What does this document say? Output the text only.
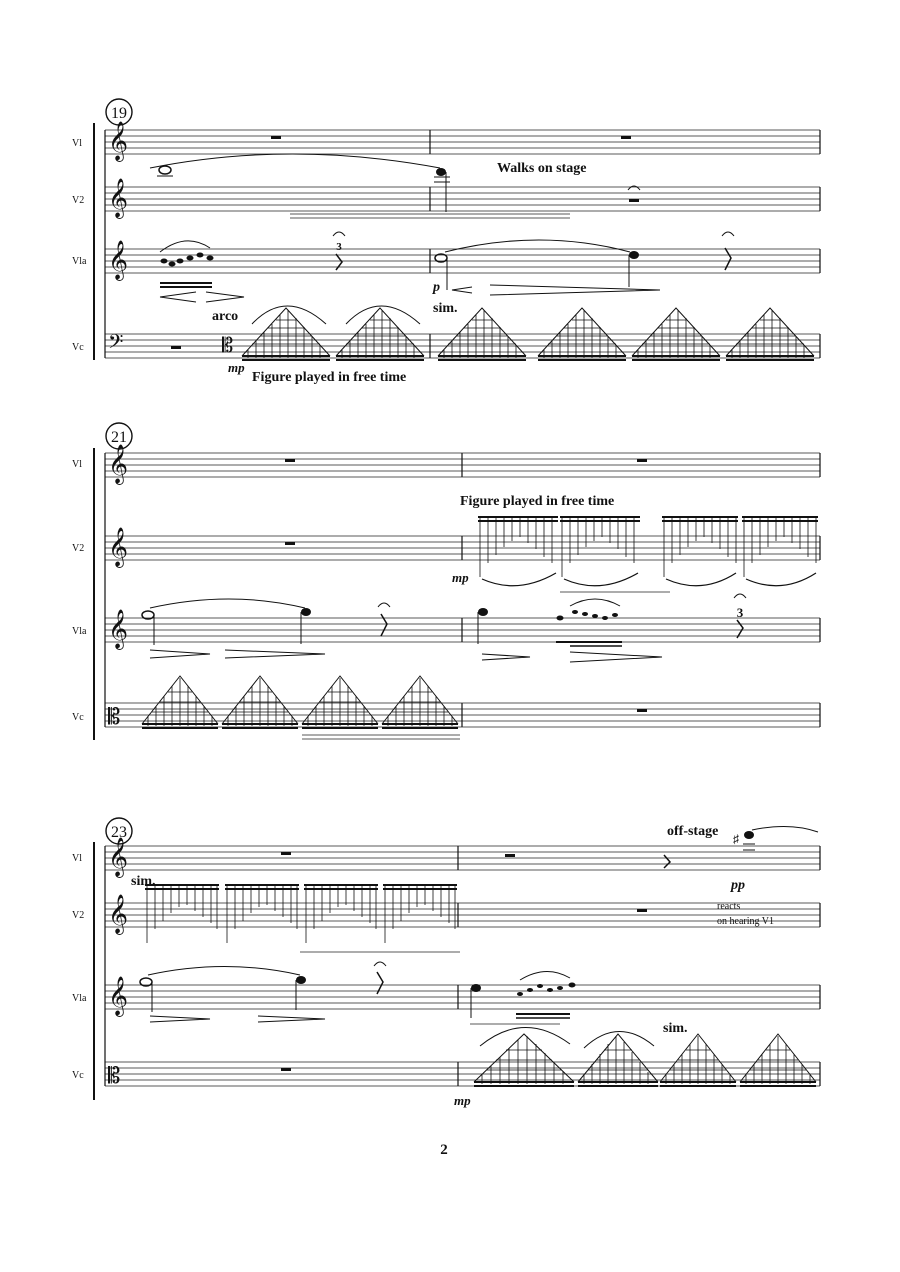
19
Vl
V2
Vla
Vc
𝄞
𝄞
𝄞
𝄢
Walks on stage
3
p
arco
sim.
mp
Figure played in free time
𝄡
21
Vl
V2
Vla
Vc
𝄞
𝄞
𝄞
𝄡
Figure played in free time
mp
3
23
Vl
V2
Vla
Vc
𝄞
𝄞
𝄞
𝄡
off-stage ♯
pp
sim.
reacts
on hearing V1
sim.
mp
2
